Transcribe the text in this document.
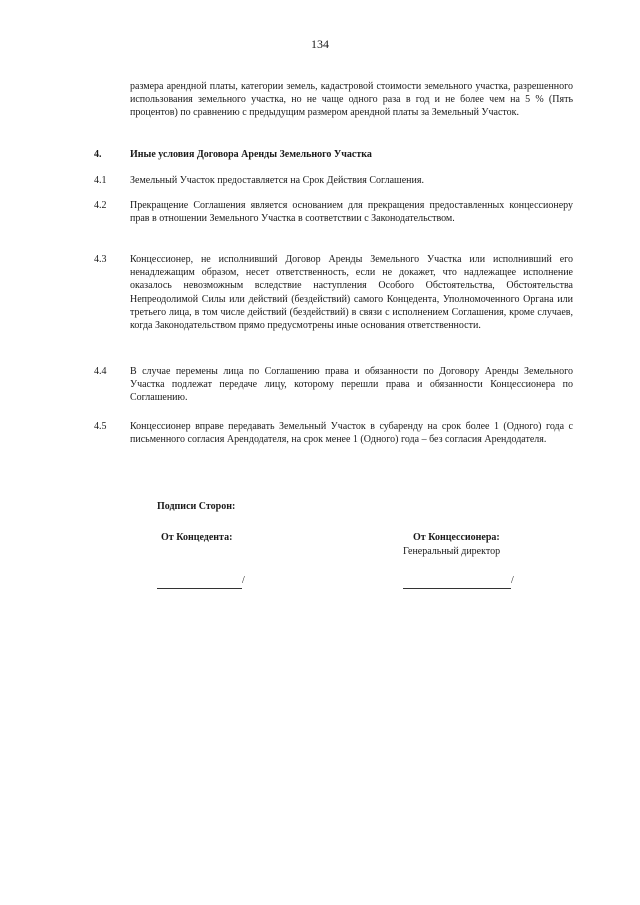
134
размера арендной платы, категории земель, кадастровой стоимости земельного участка, разрешенного использования земельного участка, но не чаще одного раза в год и не более чем на 5 % (Пять процентов) по сравнению с предыдущим размером арендной платы за Земельный Участок.
4.	Иные условия Договора Аренды Земельного Участка
4.1 Земельный Участок предоставляется на Срок Действия Соглашения.
4.2 Прекращение Соглашения является основанием для прекращения предоставленных концессионеру прав в отношении Земельного Участка в соответствии с Законодательством.
4.3 Концессионер, не исполнивший Договор Аренды Земельного Участка или исполнивший его ненадлежащим образом, несет ответственность, если не докажет, что надлежащее исполнение оказалось невозможным вследствие наступления Особого Обстоятельства, Обстоятельства Непреодолимой Силы или действий (бездействий) самого Концедента, Уполномоченного Органа или третьего лица, в том числе действий (бездействий) в связи с исполнением Соглашения, кроме случаев, когда Законодательством прямо предусмотрены иные основания ответственности.
4.4 В случае перемены лица по Соглашению права и обязанности по Договору Аренды Земельного Участка подлежат передаче лицу, которому перешли права и обязанности Концессионера по Соглашению.
4.5 Концессионер вправе передавать Земельный Участок в субаренду на срок более 1 (Одного) года с письменного согласия Арендодателя, на срок менее 1 (Одного) года – без согласия Арендодателя.
Подписи Сторон:
От Концедента:	От Концессионера:
Генеральный директор
/	/
